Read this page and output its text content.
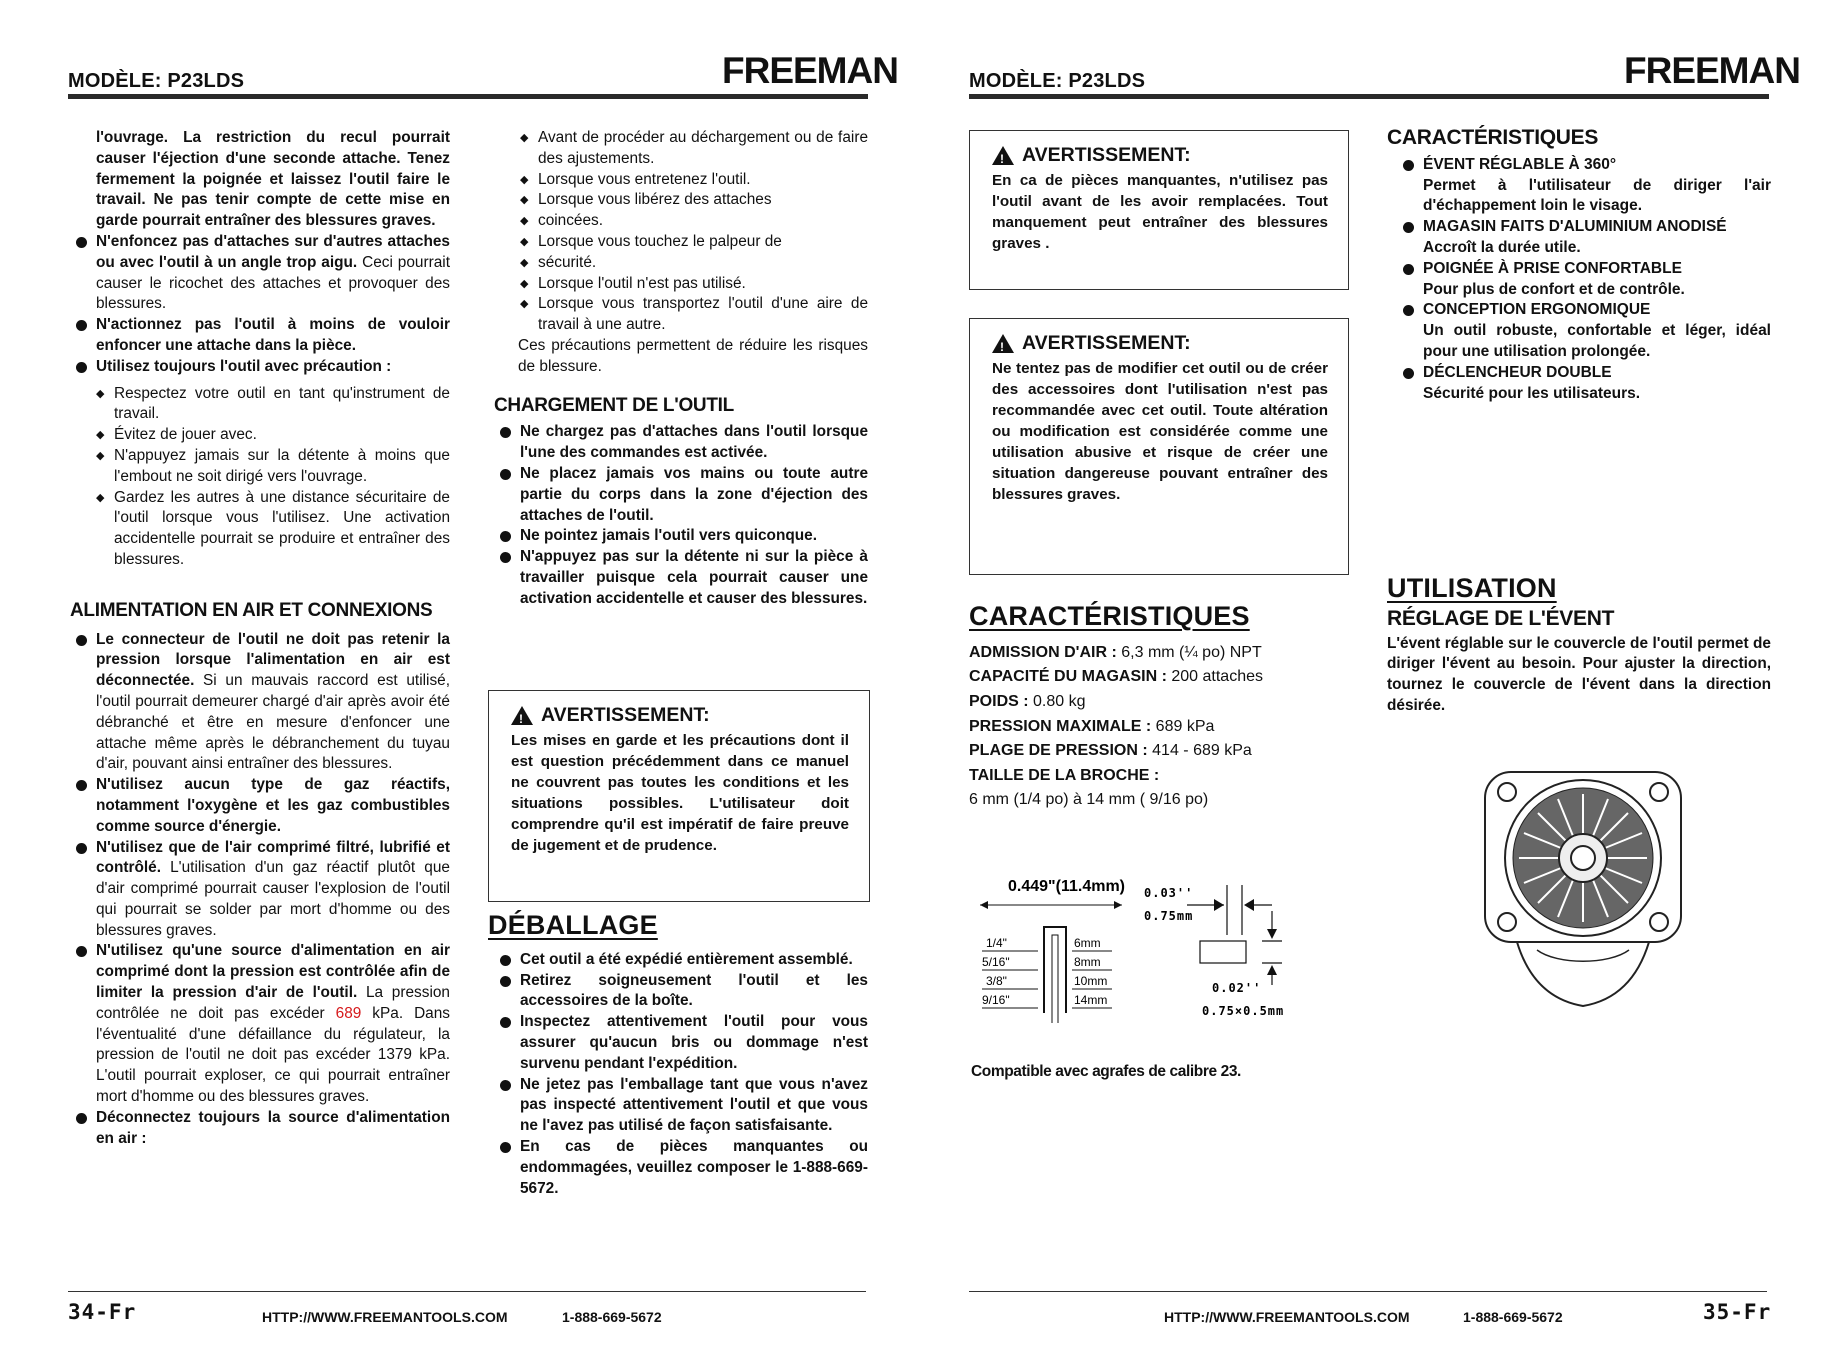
MODÈLE: P23LDS	FREEMAN

l'ouvrage. La restriction du recul pourrait causer l'éjection d'une seconde attache. Tenez fermement la poignée et laissez l'outil faire le travail. Ne pas tenir compte de cette mise en garde pourrait entraîner des blessures graves.

N'enfoncez pas d'attaches sur d'autres attaches ou avec l'outil à un angle trop aigu. Ceci pourrait causer le ricochet des attaches et provoquer des blessures.

N'actionnez pas l'outil à moins de vouloir enfoncer une attache dans la pièce.

Utilisez toujours l'outil avec précaution :

◆ Respectez votre outil en tant qu'instrument de travail.

◆ Évitez de jouer avec.

◆ N'appuyez jamais sur la détente à moins que l'embout ne soit dirigé vers l'ouvrage.

◆ Gardez les autres à une distance sécuritaire de l'outil lorsque vous l'utilisez. Une activation accidentelle pourrait se produire et entraîner des blessures.

ALIMENTATION EN AIR ET CONNEXIONS

Le connecteur de l'outil ne doit pas retenir la pression lorsque l'alimentation en air est déconnectée. Si un mauvais raccord est utilisé, l'outil pourrait demeurer chargé d'air après avoir été débranché et être en mesure d'enfoncer une attache même après le débranchement du tuyau d'air, pouvant ainsi entraîner des blessures.

N'utilisez aucun type de gaz réactifs, notamment l'oxygène et les gaz combustibles comme source d'énergie.

N'utilisez que de l'air comprimé filtré, lubrifié et contrôlé. L'utilisation d'un gaz réactif plutôt que d'air comprimé pourrait causer l'explosion de l'outil qui pourrait se solder par mort d'homme ou des blessures graves.

N'utilisez qu'une source d'alimentation en air comprimé dont la pression est contrôlée afin de limiter la pression d'air de l'outil. La pression contrôlée ne doit pas excéder 689 kPa. Dans l'éventualité d'une défaillance du régulateur, la pression de l'outil ne doit pas excéder 1379 kPa. L'outil pourrait exploser, ce qui pourrait entraîner mort d'homme ou des blessures graves.

Déconnectez toujours la source d'alimentation en air :

◆ Avant de procéder au déchargement ou de faire des ajustements.

◆ Lorsque vous entretenez l'outil.

◆ Lorsque vous libérez des attaches

◆ coincées.

◆ Lorsque vous touchez le palpeur de

◆ sécurité.

◆ Lorsque l'outil n'est pas utilisé.

◆ Lorsque vous transportez l'outil d'une aire de travail à une autre.

Ces précautions permettent de réduire les risques de blessure.

CHARGEMENT DE L'OUTIL

Ne chargez pas d'attaches dans l'outil lorsque l'une des commandes est activée.

Ne placez jamais vos mains ou toute autre partie du corps dans la zone d'éjection des attaches de l'outil.

Ne pointez jamais l'outil vers quiconque.

N'appuyez pas sur la détente ni sur la pièce à travailler puisque cela pourrait causer une activation accidentelle et causer des blessures.

!
AVERTISSEMENT:

Les mises en garde et les précautions dont il est question précédemment dans ce manuel ne couvrent pas toutes les conditions et les situations possibles. L'utilisateur doit comprendre qu'il est impératif de faire preuve de jugement et de prudence.

DÉBALLAGE

Cet outil a été expédié entièrement assemblé.

Retirez soigneusement l'outil et les accessoires de la boîte.

Inspectez attentivement l'outil pour vous assurer qu'aucun bris ou dommage n'est survenu pendant l'expédition.

Ne jetez pas l'emballage tant que vous n'avez pas inspecté attentivement l'outil et que vous ne l'avez pas utilisé de façon satisfaisante.

En cas de pièces manquantes ou endommagées, veuillez composer le 1-888-669-5672.

34-Fr	HTTP://WWW.FREEMANTOOLS.COM	1-888-669-5672
MODÈLE: P23LDS	FREEMAN
!
AVERTISSEMENT:

En ca de pièces manquantes, n'utilisez pas l'outil avant de les avoir remplacées. Tout manquement peut entraîner des blessures graves .

!
AVERTISSEMENT:

Ne tentez pas de modifier cet outil ou de créer des accessoires dont l'utilisation n'est pas recommandée avec cet outil. Toute altération ou modification est considérée comme une utilisation abusive et risque de créer une situation dangereuse pouvant entraîner des blessures graves.

CARACTÉRISTIQUES

ADMISSION D'AIR : 6,3 mm (¼ po) NPT

CAPACITÉ DU MAGASIN : 200 attaches

POIDS : 0.80 kg

PRESSION MAXIMALE : 689 kPa

PLAGE DE PRESSION : 414 - 689 kPa

TAILLE DE LA BROCHE :

6 mm (1/4 po) à 14 mm ( 9/16 po)

0.449"(11.4mm)
1/4"
5/16"
3/8"
9/16"
6mm
8mm
10mm
14mm
0.03''
0.75mm
0.02''
0.75×0.5mm
Compatible avec agrafes de calibre 23.
CARACTÉRISTIQUES

ÉVENT RÉGLABLE À 360°

Permet à l'utilisateur de diriger l'air d'échappement loin le visage.

MAGASIN FAITS D'ALUMINIUM ANODISÉ

Accroît la durée utile.

POIGNÉE À PRISE CONFORTABLE

Pour plus de confort et de contrôle.

CONCEPTION ERGONOMIQUE

Un outil robuste, confortable et léger, idéal pour une utilisation prolongée.

DÉCLENCHEUR DOUBLE

Sécurité pour les utilisateurs.

UTILISATION
RÉGLAGE DE L'ÉVENT

L'évent réglable sur le couvercle de l'outil permet de diriger l'évent au besoin. Pour ajuster la direction, tournez le couvercle de l'évent dans la direction désirée.

HTTP://WWW.FREEMANTOOLS.COM	1-888-669-5672	35-Fr
